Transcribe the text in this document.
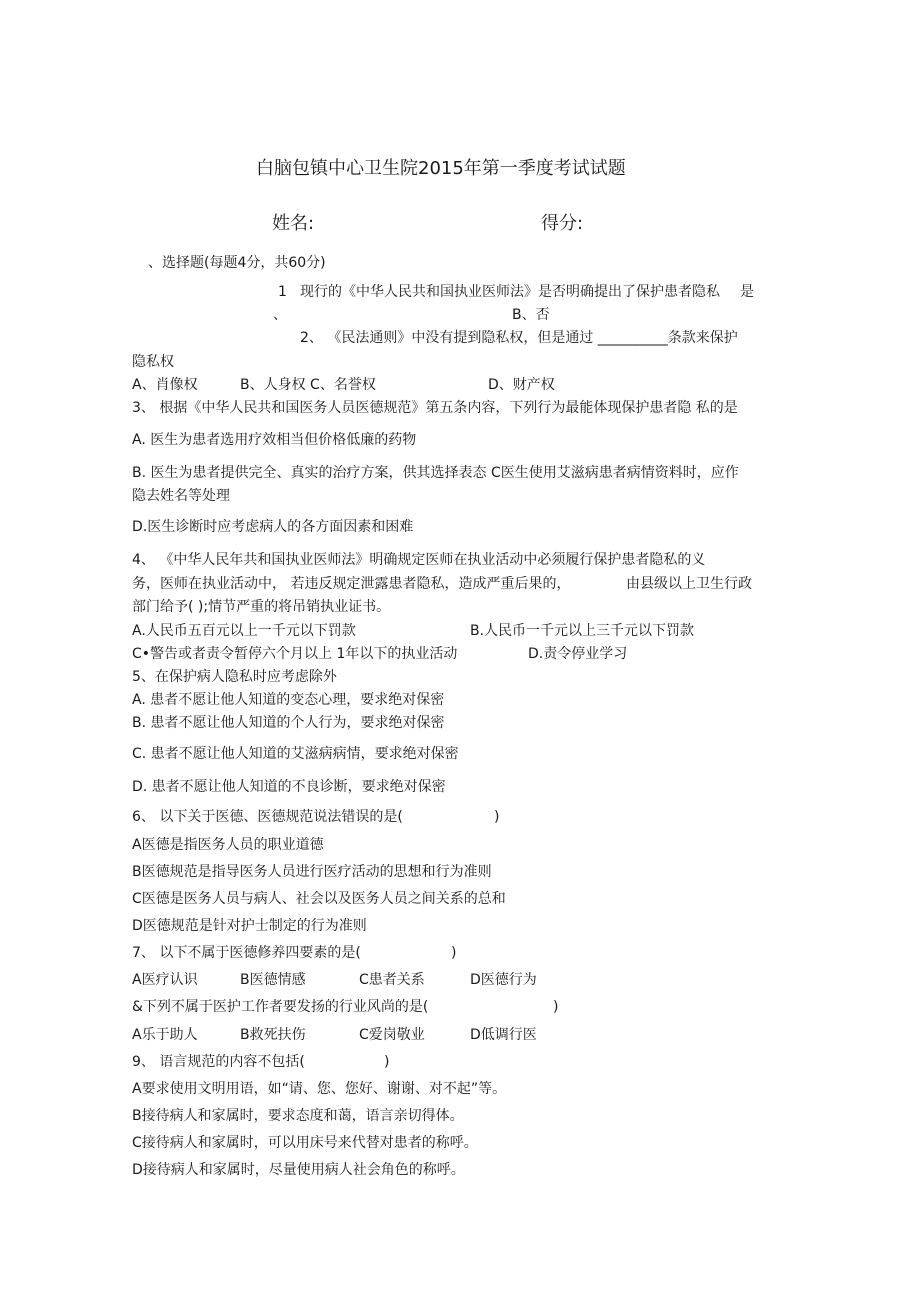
白脑包镇中心卫生院2015年第一季度考试试题
姓名:	得分:
、选择题(每题4分，共60分)
1 现行的《中华人民共和国执业医师法》是否明确提出了保护患者隐私 是
、	B、否
2、 《民法通则》中没有提到隐私权，但是通过 __________条款来保护
隐私权
A、肖像权	B、人身权 C、名誉权	D、财产权
3、 根据《中华人民共和国医务人员医德规范》第五条内容，下列行为最能体现保护患者隐 私的是
A. 医生为患者选用疗效相当但价格低廉的药物
B. 医生为患者提供完全、真实的治疗方案，供其选择表态 C医生使用艾滋病患者病情资料时，应作
隐去姓名等处理
D.医生诊断时应考虑病人的各方面因素和困难
4、 《中华人民年共和国执业医师法》明确规定医师在执业活动中必须履行保护患者隐私的义
务，医师在执业活动中， 若违反规定泄露患者隐私，造成严重后果的，	由县级以上卫生行政
部门给予( );情节严重的将吊销执业证书。
A.人民币五百元以上一千元以下罚款	B.人民币一千元以上三千元以下罚款
C•警告或者责令暂停六个月以上 1年以下的执业活动	D.责令停业学习
5、在保护病人隐私时应考虑除外
A. 患者不愿让他人知道的变态心理，要求绝对保密
B. 患者不愿让他人知道的个人行为，要求绝对保密
C. 患者不愿让他人知道的艾滋病病情，要求绝对保密
D. 患者不愿让他人知道的不良诊断，要求绝对保密
6、 以下关于医德、医德规范说法错误的是(	)
A医德是指医务人员的职业道德
B医德规范是指导医务人员进行医疗活动的思想和行为准则
C医德是医务人员与病人、社会以及医务人员之间关系的总和
D医德规范是针对护士制定的行为准则
7、 以下不属于医德修养四要素的是(	)
A医疗认识	B医德情感	C患者关系	D医德行为
&下列不属于医护工作者要发扬的行业风尚的是(	)
A乐于助人	B救死扶伤	C爱岗敬业	D低调行医
9、 语言规范的内容不包括(	)
A要求使用文明用语，如“请、您、您好、谢谢、对不起”等。
B接待病人和家属时，要求态度和蔼，语言亲切得体。
C接待病人和家属时，可以用床号来代替对患者的称呼。
D接待病人和家属时，尽量使用病人社会角色的称呼。
